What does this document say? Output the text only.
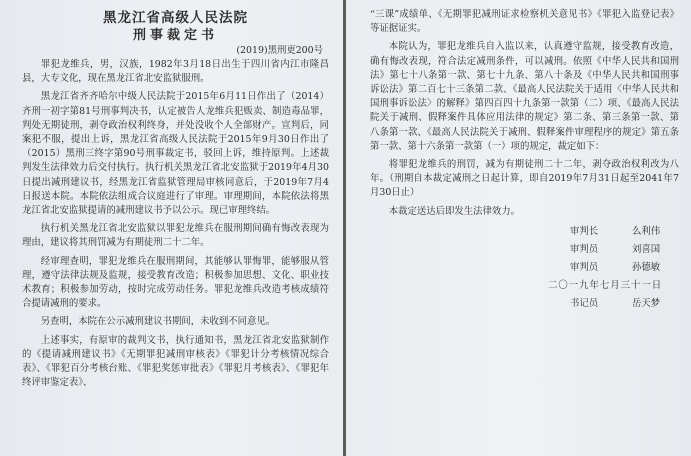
黑龙江省高级人民法院
刑事裁定书
(2019)黑刑更200号

罪犯龙维兵，男，汉族，1982年3月18日出生于四川省内江市隆昌县，大专文化，现在黑龙江省北安监狱服刑。

黑龙江省齐齐哈尔中级人民法院于2015年6月11日作出了（2014）齐刑一初字第81号刑事判决书，认定被告人龙维兵犯贩卖、制造毒品罪，判处无期徒刑，剥夺政治权利终身，并处没收个人全部财产。宣判后，同案犯不服，提出上诉，黑龙江省高级人民法院于2015年9月30日作出了（2015）黑刑三终字第90号刑事裁定书，驳回上诉，维持原判。上述裁判发生法律效力后交付执行。执行机关黑龙江省北安监狱于2019年4月30日提出减刑建议书，经黑龙江省监狱管理局审核同意后，于2019年7月4日报送本院。本院依法组成合议庭进行了审理。审理期间，本院依法将黑龙江省北安监狱提请的减刑建议书予以公示。现已审理终结。

执行机关黑龙江省北安监狱以罪犯龙维兵在服刑期间确有悔改表现为理由，建议将其刑罚减为有期徒刑二十二年。

经审理查明，罪犯龙维兵在服刑期间，其能够认罪悔罪，能够服从管理，遵守法律法规及监规，接受教育改造；积极参加思想、文化、职业技术教育；积极参加劳动，按时完成劳动任务。罪犯龙维兵改造考核成绩符合提请减刑的要求。

另查明，本院在公示减刑建议书期间，未收到不同意见。

上述事实，有原审的裁判文书，执行通知书，黑龙江省北安监狱制作的《提请减刑建议书》《无期罪犯减刑审核表》《罪犯计分考核情况综合表》、《罪犯百分考核台账、《罪犯奖惩审批表》《罪犯月考核表》、《罪犯年终评审鉴定表》、

“三课”成绩单、《无期罪犯减刑证求检察机关意见书》《罪犯入监登记表》等证据证实。

本院认为，罪犯龙维兵自入监以来，认真遵守监规，接受教育改造，确有悔改表现，符合法定减刑条件，可以减刑。依照《中华人民共和国刑法》第七十八条第一款、第七十九条、第八十条及《中华人民共和国刑事诉讼法》第二百七十三条第二款、《最高人民法院关于适用〈中华人民共和国刑事诉讼法〉的解释》第四百四十九条第一款第（二）项、《最高人民法院关于减刑、假释案件具体应用法律的规定》第二条、第三条第一款、第八条第一款、《最高人民法院关于减刑、假释案件审理程序的规定》第五条第一款、第十六条第一款第（一）项的规定，裁定如下：

将罪犯龙维兵的刑罚，减为有期徒刑二十二年，剥夺政治权利改为八年。（刑期自本裁定减刑之日起计算，即自2019年7月31日起至2041年7月30日止）

本裁定送达后即发生法律效力。

审判长	么利伟
审判员	刘喜国
审判员	孙德敏
二〇一九年七月三十一日
书记员	岳天梦
